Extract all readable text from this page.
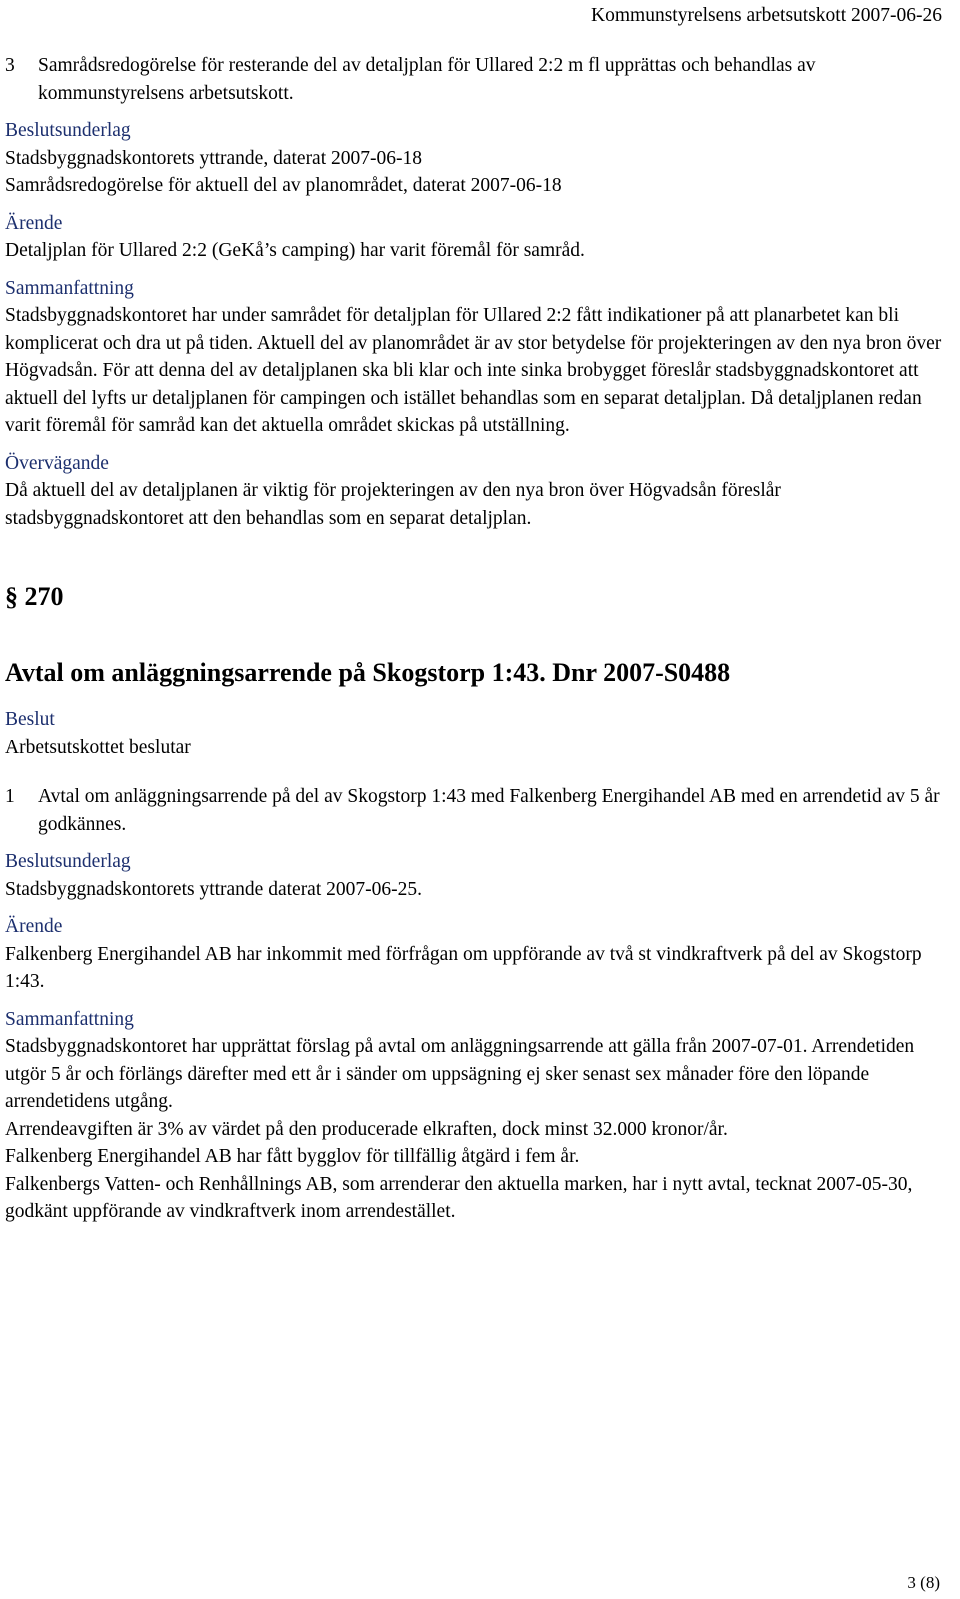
Kommunstyrelsens arbetsutskott 2007-06-26
3	Samrådsredogörelse för resterande del av detaljplan för Ullared 2:2 m fl upprättas och behandlas av kommunstyrelsens arbetsutskott.

Beslutsunderlag

Stadsbyggnadskontorets yttrande, daterat 2007-06-18

Samrådsredogörelse för aktuell del av planområdet, daterat 2007-06-18

Ärende

Detaljplan för Ullared 2:2 (GeKå’s camping) har varit föremål för samråd.

Sammanfattning

Stadsbyggnadskontoret har under samrådet för detaljplan för Ullared 2:2 fått indikationer på att planarbetet kan bli komplicerat och dra ut på tiden. Aktuell del av planområdet är av stor betydelse för projekteringen av den nya bron över Högvadsån. För att denna del av detaljplanen ska bli klar och inte sinka brobygget föreslår stadsbyggnadskontoret att aktuell del lyfts ur detaljplanen för campingen och istället behandlas som en separat detaljplan. Då detaljplanen redan varit föremål för samråd kan det aktuella området skickas på utställning.

Övervägande

Då aktuell del av detaljplanen är viktig för projekteringen av den nya bron över Högvadsån föreslår stadsbyggnadskontoret att den behandlas som en separat detaljplan.

§ 270

Avtal om anläggningsarrende på Skogstorp 1:43. Dnr 2007-S0488

Beslut

Arbetsutskottet beslutar

1	Avtal om anläggningsarrende på del av Skogstorp 1:43 med Falkenberg Energihandel AB med en arrendetid av 5 år godkännes.

Beslutsunderlag

Stadsbyggnadskontorets yttrande daterat 2007-06-25.

Ärende

Falkenberg Energihandel AB har inkommit med förfrågan om uppförande av två st vindkraftverk på del av Skogstorp 1:43.

Sammanfattning

Stadsbyggnadskontoret har upprättat förslag på avtal om anläggningsarrende att gälla från 2007-07-01. Arrendetiden utgör 5 år och förlängs därefter med ett år i sänder om uppsägning ej sker senast sex månader före den löpande arrendetidens utgång.

Arrendeavgiften är 3% av värdet på den producerade elkraften, dock minst 32.000 kronor/år.

Falkenberg Energihandel AB har fått bygglov för tillfällig åtgärd i fem år.

Falkenbergs Vatten- och Renhållnings AB, som arrenderar den aktuella marken, har i nytt avtal, tecknat 2007-05-30, godkänt uppförande av vindkraftverk inom arrendestället.

3 (8)
